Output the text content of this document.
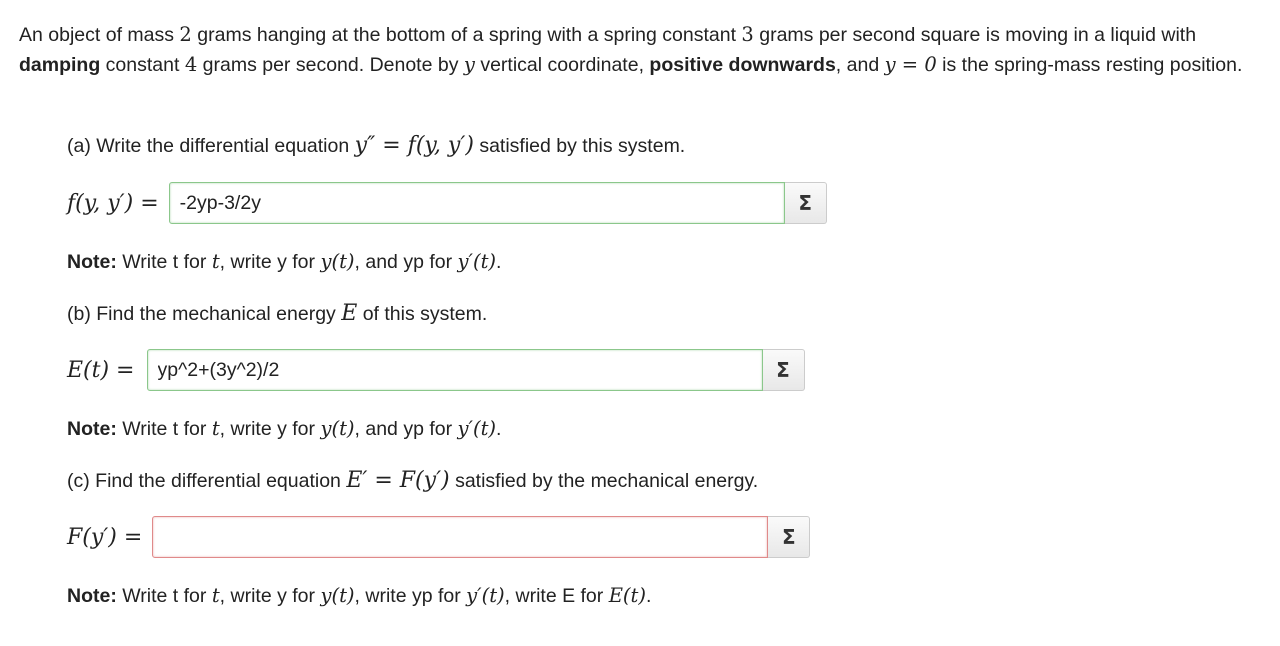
An object of mass 2 grams hanging at the bottom of a spring with a spring constant 3 grams per second square is moving in a liquid with damping constant 4 grams per second. Denote by y vertical coordinate, positive downwards, and y = 0 is the spring-mass resting position.

(a) Write the differential equation y″ = f(y, y′) satisfied by this system.

f(y, y′) =
-2yp-3/2y	Σ

Note: Write t for t, write y for y(t), and yp for y′(t).

(b) Find the mechanical energy E of this system.

E(t) =
yp^2+(3y^2)/2	Σ

Note: Write t for t, write y for y(t), and yp for y′(t).

(c) Find the differential equation E′ = F(y′) satisfied by the mechanical energy.

F(y′) =	Σ

Note: Write t for t, write y for y(t), write yp for y′(t), write E for E(t).
